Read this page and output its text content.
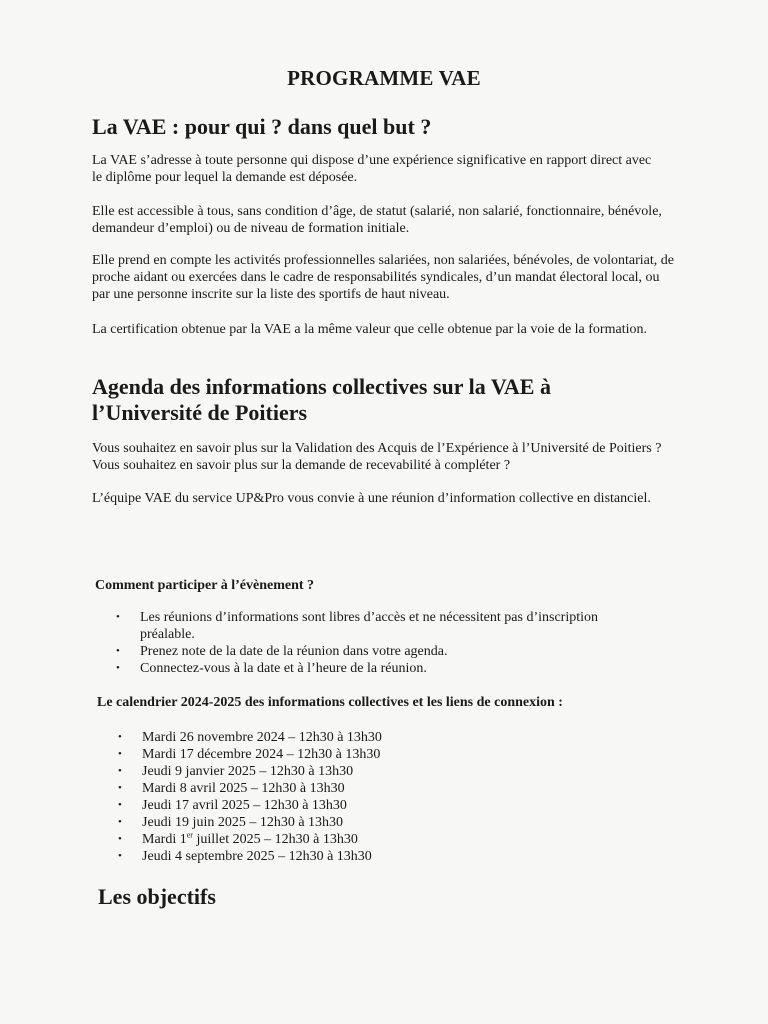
PROGRAMME VAE
La VAE : pour qui ? dans quel but ?

La VAE s’adresse à toute personne qui dispose d’une expérience significative en rapport direct avec le diplôme pour lequel la demande est déposée.

Elle est accessible à tous, sans condition d’âge, de statut (salarié, non salarié, fonctionnaire, bénévole, demandeur d’emploi) ou de niveau de formation initiale.

Elle prend en compte les activités professionnelles salariées, non salariées, bénévoles, de volontariat, de proche aidant ou exercées dans le cadre de responsabilités syndicales, d’un mandat électoral local, ou par une personne inscrite sur la liste des sportifs de haut niveau.

La certification obtenue par la VAE a la même valeur que celle obtenue par la voie de la formation.

Agenda des informations collectives sur la VAE à
l’Université de Poitiers

Vous souhaitez en savoir plus sur la Validation des Acquis de l’Expérience à l’Université de Poitiers ? Vous souhaitez en savoir plus sur la demande de recevabilité à compléter ?

L’équipe VAE du service UP&Pro vous convie à une réunion d’information collective en distanciel.

Comment participer à l’évènement ?
•	Les réunions d’informations sont libres d’accès et ne nécessitent pas d’inscription préalable.
•	Prenez note de la date de la réunion dans votre agenda.
•	Connectez-vous à la date et à l’heure de la réunion.
Le calendrier 2024-2025 des informations collectives et les liens de connexion :
•	Mardi 26 novembre 2024 – 12h30 à 13h30
•	Mardi 17 décembre 2024 – 12h30 à 13h30
•	Jeudi 9 janvier 2025 – 12h30 à 13h30
•	Mardi 8 avril 2025 – 12h30 à 13h30
•	Jeudi 17 avril 2025 – 12h30 à 13h30
•	Jeudi 19 juin 2025 – 12h30 à 13h30
•	Mardi 1er juillet 2025 – 12h30 à 13h30
•	Jeudi 4 septembre 2025 – 12h30 à 13h30
Les objectifs
